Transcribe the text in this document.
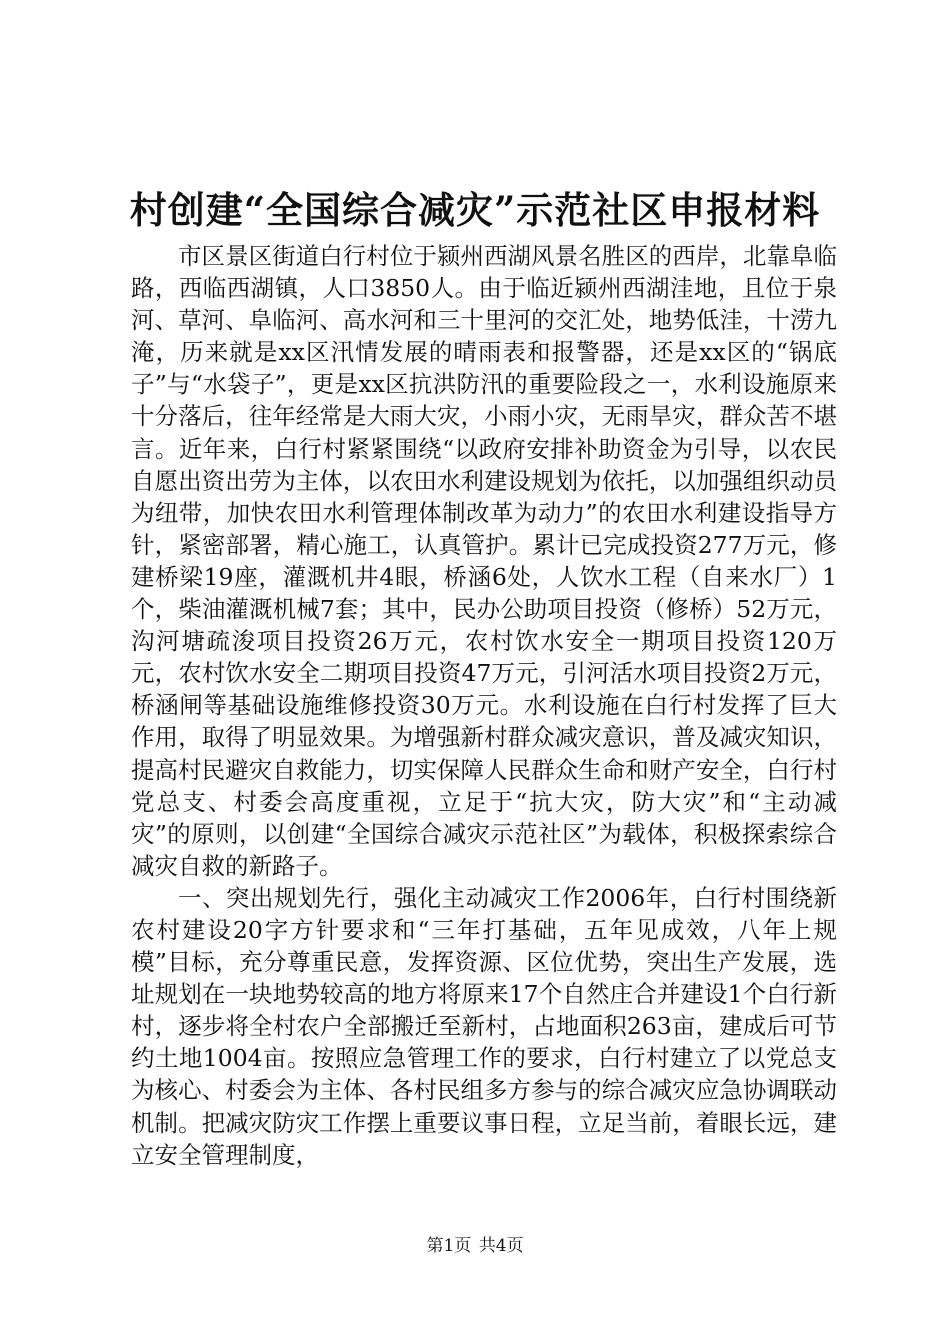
村创建“全国综合减灾”示范社区申报材料

市区景区街道白行村位于颍州西湖风景名胜区的西岸，北靠阜临路，西临西湖镇，人口3850人。由于临近颍州西湖洼地，且位于泉河、草河、阜临河、高水河和三十里河的交汇处，地势低洼，十涝九淹，历来就是xx区汛情发展的晴雨表和报警器，还是xx区的“锅底子”与“水袋子”，更是xx区抗洪防汛的重要险段之一，水利设施原来十分落后，往年经常是大雨大灾，小雨小灾，无雨旱灾，群众苦不堪言。近年来，白行村紧紧围绕“以政府安排补助资金为引导，以农民自愿出资出劳为主体，以农田水利建设规划为依托，以加强组织动员为纽带，加快农田水利管理体制改革为动力”的农田水利建设指导方针，紧密部署，精心施工，认真管护。累计已完成投资277万元，修建桥梁19座，灌溉机井4眼，桥涵6处，人饮水工程（自来水厂）1个，柴油灌溉机械7套；其中，民办公助项目投资（修桥）52万元，沟河塘疏浚项目投资26万元，农村饮水安全一期项目投资120万元，农村饮水安全二期项目投资47万元，引河活水项目投资2万元，桥涵闸等基础设施维修投资30万元。水利设施在白行村发挥了巨大作用，取得了明显效果。为增强新村群众减灾意识，普及减灾知识，提高村民避灾自救能力，切实保障人民群众生命和财产安全，白行村党总支、村委会高度重视，立足于“抗大灾，防大灾”和“主动减灾”的原则，以创建“全国综合减灾示范社区”为载体，积极探索综合减灾自救的新路子。

一、突出规划先行，强化主动减灾工作2006年，白行村围绕新农村建设20字方针要求和“三年打基础，五年见成效，八年上规模”目标，充分尊重民意，发挥资源、区位优势，突出生产发展，选址规划在一块地势较高的地方将原来17个自然庄合并建设1个白行新村，逐步将全村农户全部搬迁至新村，占地面积263亩，建成后可节约土地1004亩。按照应急管理工作的要求，白行村建立了以党总支为核心、村委会为主体、各村民组多方参与的综合减灾应急协调联动机制。把减灾防灾工作摆上重要议事日程，立足当前，着眼长远，建立安全管理制度，

第1页 共4页
